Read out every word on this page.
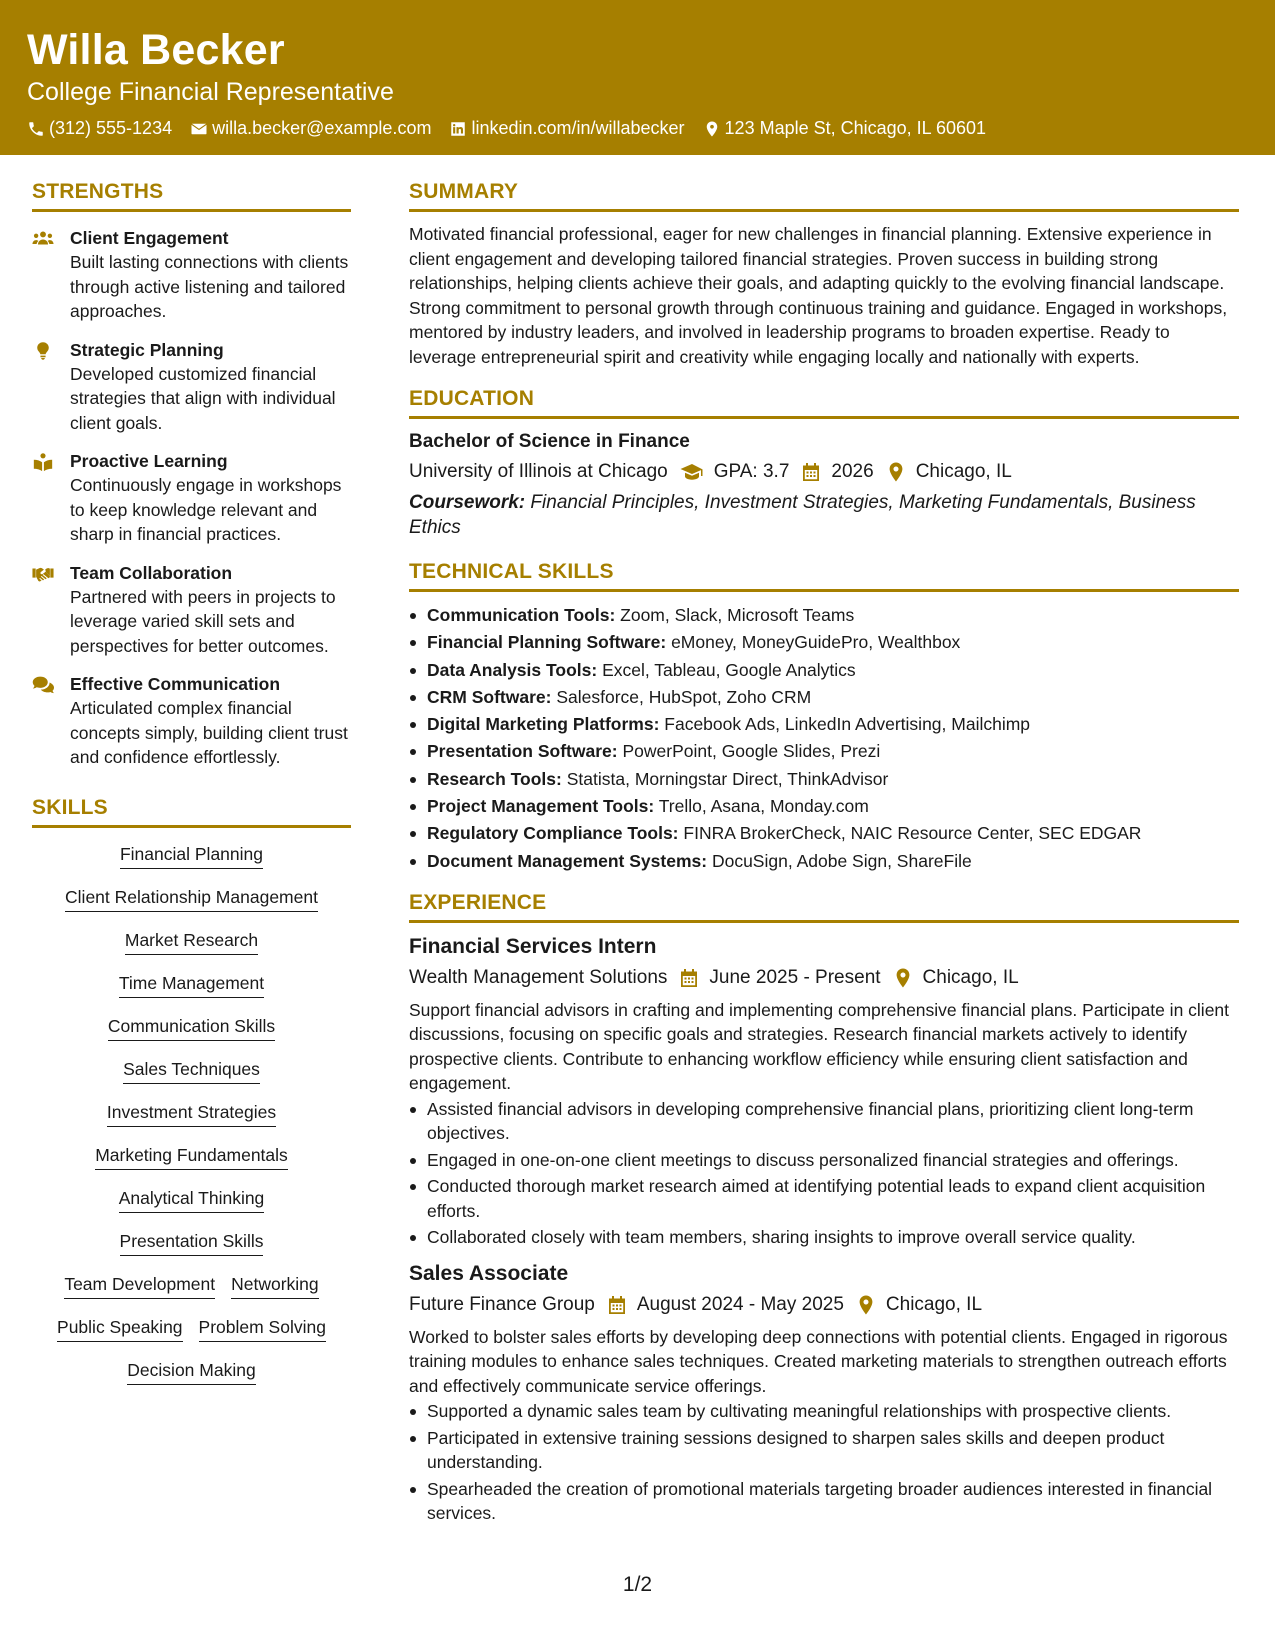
Willa Becker
College Financial Representative
(312) 555-1234 willa.becker@example.com linkedin.com/in/willabecker 123 Maple St, Chicago, IL 60601
STRENGTHS
Client Engagement
Built lasting connections with clients through active listening and tailored approaches.
Strategic Planning
Developed customized financial strategies that align with individual client goals.
Proactive Learning
Continuously engage in workshops to keep knowledge relevant and sharp in financial practices.
Team Collaboration
Partnered with peers in projects to leverage varied skill sets and perspectives for better outcomes.
Effective Communication
Articulated complex financial concepts simply, building client trust and confidence effortlessly.
SKILLS
Financial Planning
Client Relationship Management
Market Research
Time Management
Communication Skills
Sales Techniques
Investment Strategies
Marketing Fundamentals
Analytical Thinking
Presentation Skills
Team Development Networking
Public Speaking Problem Solving
Decision Making
SUMMARY
Motivated financial professional, eager for new challenges in financial planning. Extensive experience in client engagement and developing tailored financial strategies. Proven success in building strong relationships, helping clients achieve their goals, and adapting quickly to the evolving financial landscape. Strong commitment to personal growth through continuous training and guidance. Engaged in workshops, mentored by industry leaders, and involved in leadership programs to broaden expertise. Ready to leverage entrepreneurial spirit and creativity while engaging locally and nationally with experts.
EDUCATION
Bachelor of Science in Finance
University of Illinois at Chicago GPA: 3.7 2026 Chicago, IL
Coursework: Financial Principles, Investment Strategies, Marketing Fundamentals, Business Ethics
TECHNICAL SKILLS
Communication Tools: Zoom, Slack, Microsoft Teams
Financial Planning Software: eMoney, MoneyGuidePro, Wealthbox
Data Analysis Tools: Excel, Tableau, Google Analytics
CRM Software: Salesforce, HubSpot, Zoho CRM
Digital Marketing Platforms: Facebook Ads, LinkedIn Advertising, Mailchimp
Presentation Software: PowerPoint, Google Slides, Prezi
Research Tools: Statista, Morningstar Direct, ThinkAdvisor
Project Management Tools: Trello, Asana, Monday.com
Regulatory Compliance Tools: FINRA BrokerCheck, NAIC Resource Center, SEC EDGAR
Document Management Systems: DocuSign, Adobe Sign, ShareFile
EXPERIENCE
Financial Services Intern
Wealth Management Solutions June 2025 - Present Chicago, IL
Support financial advisors in crafting and implementing comprehensive financial plans. Participate in client discussions, focusing on specific goals and strategies. Research financial markets actively to identify prospective clients. Contribute to enhancing workflow efficiency while ensuring client satisfaction and engagement.
Assisted financial advisors in developing comprehensive financial plans, prioritizing client long-term objectives.
Engaged in one-on-one client meetings to discuss personalized financial strategies and offerings.
Conducted thorough market research aimed at identifying potential leads to expand client acquisition efforts.
Collaborated closely with team members, sharing insights to improve overall service quality.
Sales Associate
Future Finance Group August 2024 - May 2025 Chicago, IL
Worked to bolster sales efforts by developing deep connections with potential clients. Engaged in rigorous training modules to enhance sales techniques. Created marketing materials to strengthen outreach efforts and effectively communicate service offerings.
Supported a dynamic sales team by cultivating meaningful relationships with prospective clients.
Participated in extensive training sessions designed to sharpen sales skills and deepen product understanding.
Spearheaded the creation of promotional materials targeting broader audiences interested in financial services.
1/2
